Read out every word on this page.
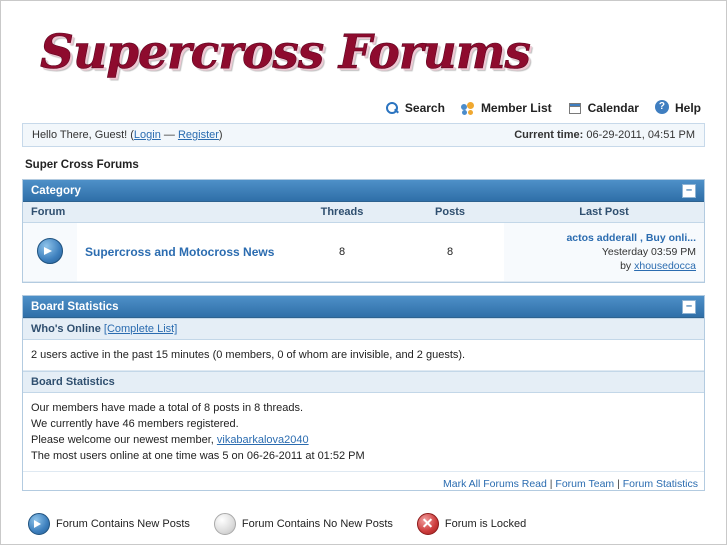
Supercross Forums
Search	Member List	Calendar ?	Help
Hello There, Guest! (Login — Register)	Current time: 06-29-2011, 04:51 PM
Super Cross Forums
Category	–
Forum		Threads	Posts	Last Post
	Supercross and Motocross News	8	8	actos adderall , Buy onli...
Yesterday 03:59 PM
by xhousedocca
Board Statistics	–
Who's Online [Complete List]
2 users active in the past 15 minutes (0 members, 0 of whom are invisible, and 2 guests).
Board Statistics
Our members have made a total of 8 posts in 8 threads.
We currently have 46 members registered.
Please welcome our newest member, vikabarkalova2040
The most users online at one time was 5 on 06-26-2011 at 01:52 PM
Mark All Forums Read | Forum Team | Forum Statistics
Forum Contains New Posts	Forum Contains No New Posts	Forum is Locked
